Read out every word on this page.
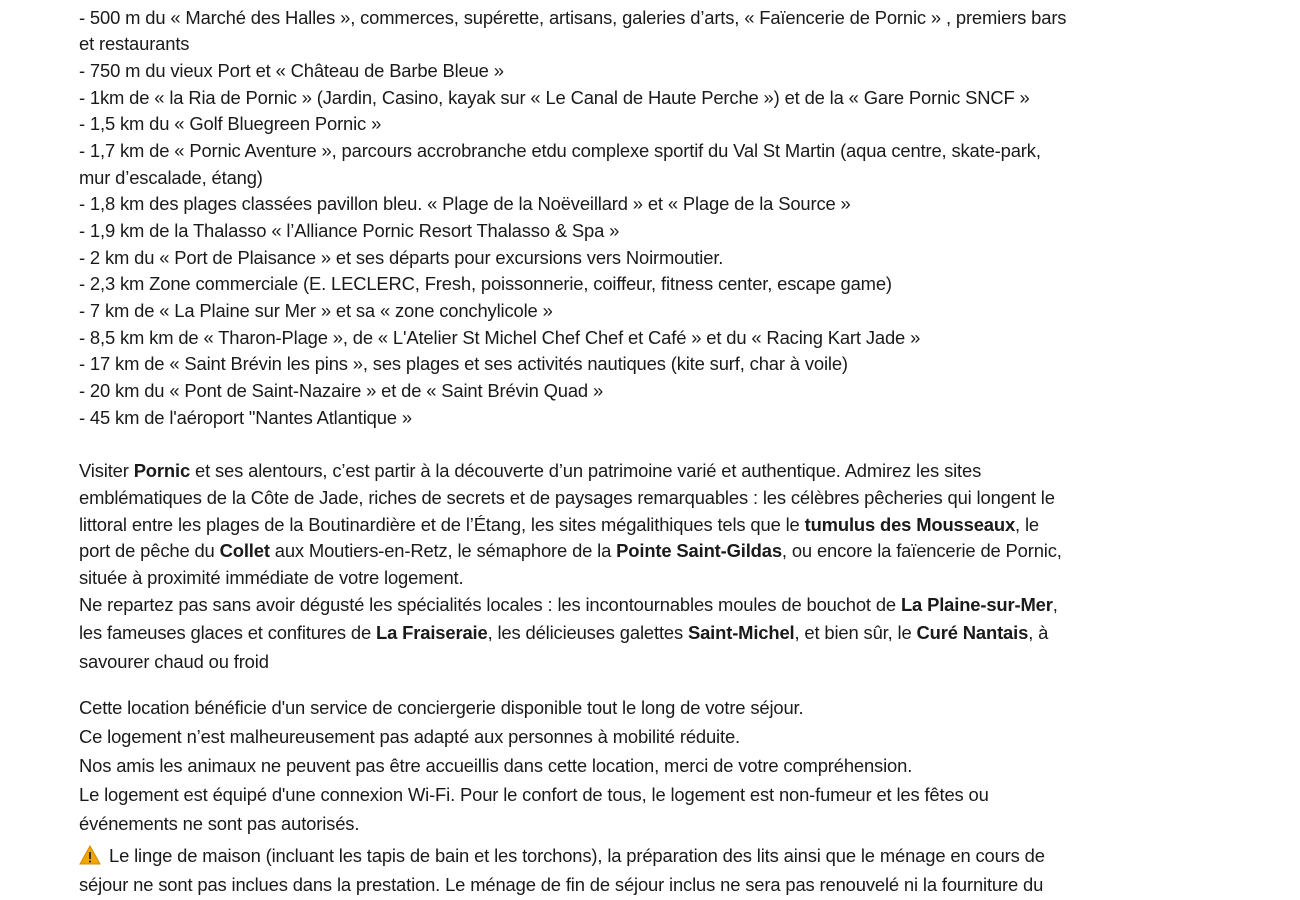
- 500 m du « Marché des Halles », commerces, supérette, artisans, galeries d’arts, « Faïencerie de Pornic » , premiers bars
et restaurants
- 750 m du vieux Port et « Château de Barbe Bleue »
- 1km de « la Ria de Pornic » (Jardin, Casino, kayak sur « Le Canal de Haute Perche ») et de la « Gare Pornic SNCF »
- 1,5 km du « Golf Bluegreen Pornic »
- 1,7 km de « Pornic Aventure », parcours accrobranche etdu complexe sportif du Val St Martin (aqua centre, skate-park,
mur d’escalade, étang)
- 1,8 km des plages classées pavillon bleu. « Plage de la Noëveillard » et « Plage de la Source »
- 1,9 km de la Thalasso « l’Alliance Pornic Resort Thalasso & Spa »
- 2 km du « Port de Plaisance » et ses départs pour excursions vers Noirmoutier.
- 2,3 km Zone commerciale (E. LECLERC, Fresh, poissonnerie, coiffeur, fitness center, escape game)
- 7 km de « La Plaine sur Mer » et sa « zone conchylicole »
- 8,5 km km de « Tharon-Plage », de « L'Atelier St Michel Chef Chef et Café » et du « Racing Kart Jade »
- 17 km de « Saint Brévin les pins », ses plages et ses activités nautiques (kite surf, char à voile)
- 20 km du « Pont de Saint-Nazaire » et de « Saint Brévin Quad »
- 45 km de l'aéroport "Nantes Atlantique »
Visiter Pornic et ses alentours, c’est partir à la découverte d’un patrimoine varié et authentique. Admirez les sites
emblématiques de la Côte de Jade, riches de secrets et de paysages remarquables : les célèbres pêcheries qui longent le
littoral entre les plages de la Boutinardière et de l’Étang, les sites mégalithiques tels que le tumulus des Mousseaux, le
port de pêche du Collet aux Moutiers-en-Retz, le sémaphore de la Pointe Saint-Gildas, ou encore la faïencerie de Pornic,
située à proximité immédiate de votre logement.
Ne repartez pas sans avoir dégusté les spécialités locales : les incontournables moules de bouchot de La Plaine-sur-Mer,
les fameuses glaces et confitures de La Fraiseraie, les délicieuses galettes Saint-Michel, et bien sûr, le Curé Nantais, à
savourer chaud ou froid
Cette location bénéficie d'un service de conciergerie disponible tout le long de votre séjour.
Ce logement n’est malheureusement pas adapté aux personnes à mobilité réduite.
Nos amis les animaux ne peuvent pas être accueillis dans cette location, merci de votre compréhension.
Le logement est équipé d'une connexion Wi-Fi. Pour le confort de tous, le logement est non-fumeur et les fêtes ou
événements ne sont pas autorisés.
Le linge de maison (incluant les tapis de bain et les torchons), la préparation des lits ainsi que le ménage en cours de
séjour ne sont pas inclues dans la prestation. Le ménage de fin de séjour inclus ne sera pas renouvelé ni la fourniture du
